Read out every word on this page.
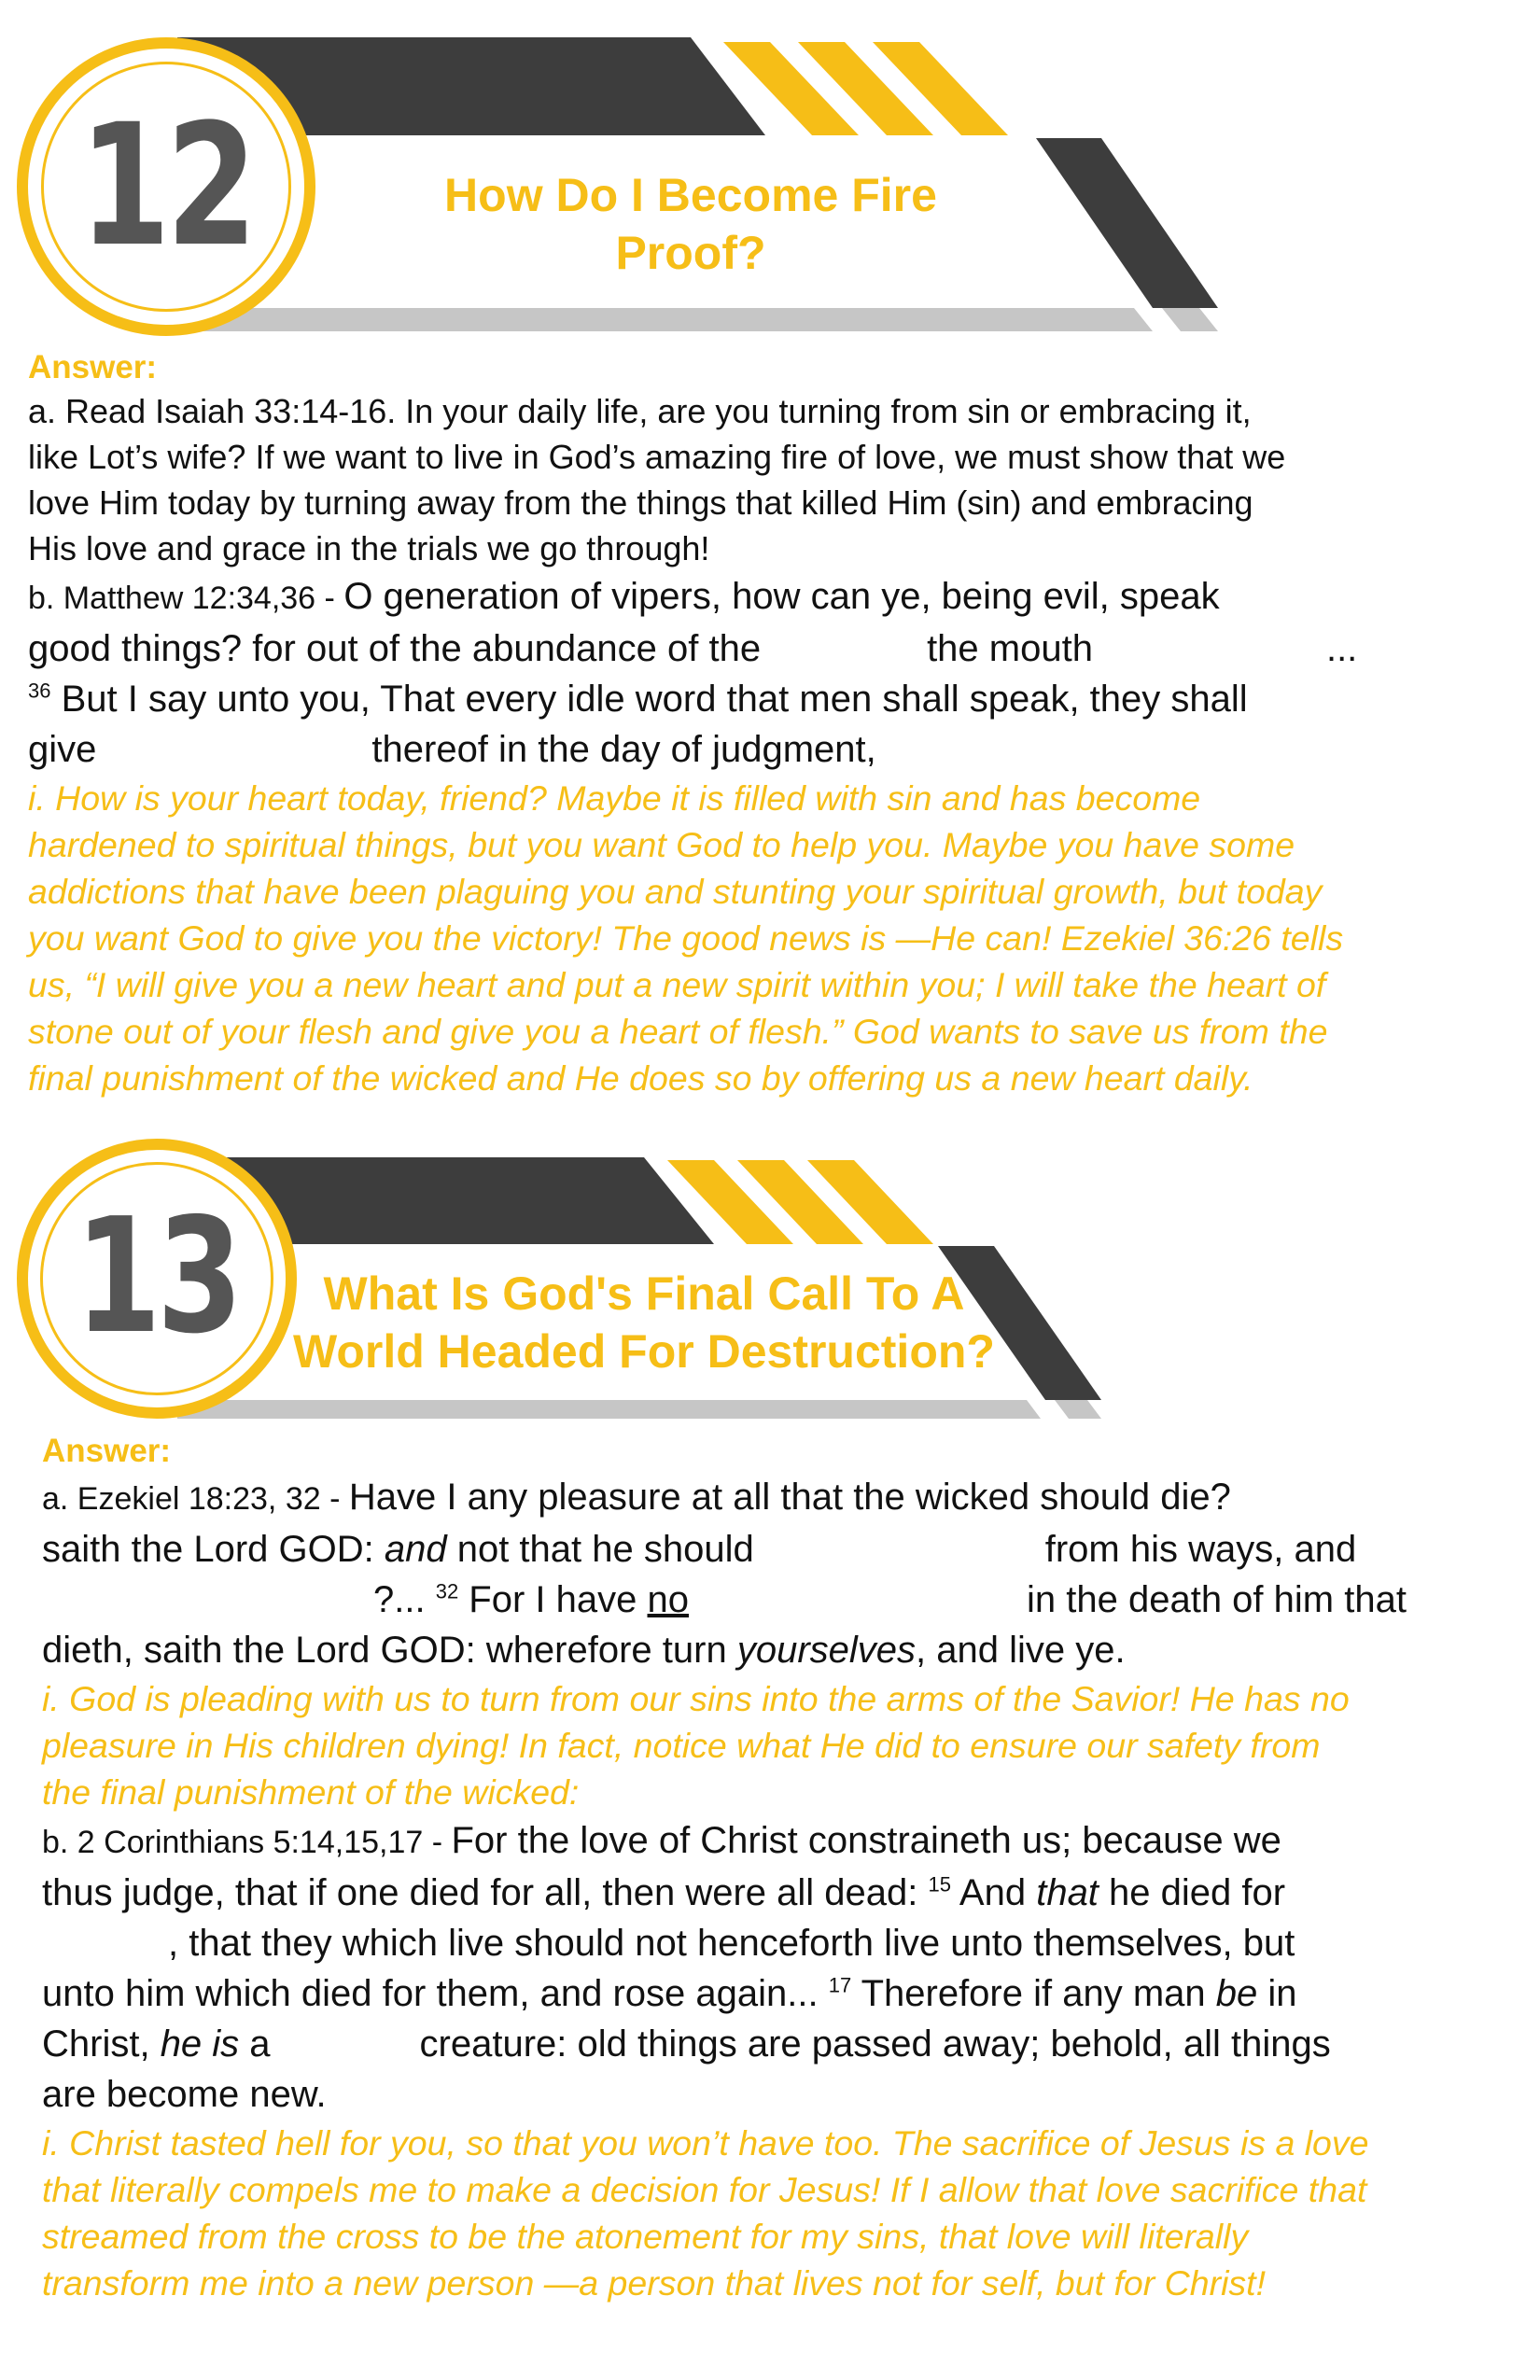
12	How Do I Become Fire
Proof?
Answer:
a. Read Isaiah 33:14-16. In your daily life, are you turning from sin or embracing it,
like Lot’s wife? If we want to live in God’s amazing fire of love, we must show that we
love Him today by turning away from the things that killed Him (sin) and embracing
His love and grace in the trials we go through!
b. Matthew 12:34,36 - O generation of vipers, how can ye, being evil, speak
good things? for out of the abundance of the	the mouth	...
$^{36}$ But I say unto you, That every idle word that men shall speak, they shall
give	thereof in the day of judgment,
i. How is your heart today, friend? Maybe it is filled with sin and has become
hardened to spiritual things, but you want God to help you. Maybe you have some
addictions that have been plaguing you and stunting your spiritual growth, but today
you want God to give you the victory! The good news is —He can! Ezekiel 36:26 tells
us, “I will give you a new heart and put a new spirit within you; I will take the heart of
stone out of your flesh and give you a heart of flesh.” God wants to save us from the
final punishment of the wicked and He does so by offering us a new heart daily.
13	What Is God's Final Call To A
World Headed For Destruction?
Answer:
a. Ezekiel 18:23, 32 - Have I any pleasure at all that the wicked should die?
saith the Lord GOD: and not that he should	from his ways, and
?... $^{32}$ For I have no	in the death of him that
dieth, saith the Lord GOD: wherefore turn yourselves, and live ye.
i. God is pleading with us to turn from our sins into the arms of the Savior! He has no
pleasure in His children dying! In fact, notice what He did to ensure our safety from
the final punishment of the wicked:
b. 2 Corinthians 5:14,15,17 - For the love of Christ constraineth us; because we
thus judge, that if one died for all, then were all dead: $^{15}$ And that he died for
, that they which live should not henceforth live unto themselves, but
unto him which died for them, and rose again... $^{17}$ Therefore if any man be in
Christ, he is a	creature: old things are passed away; behold, all things
are become new.
i. Christ tasted hell for you, so that you won’t have too. The sacrifice of Jesus is a love
that literally compels me to make a decision for Jesus! If I allow that love sacrifice that
streamed from the cross to be the atonement for my sins, that love will literally
transform me into a new person —a person that lives not for self, but for Christ!
